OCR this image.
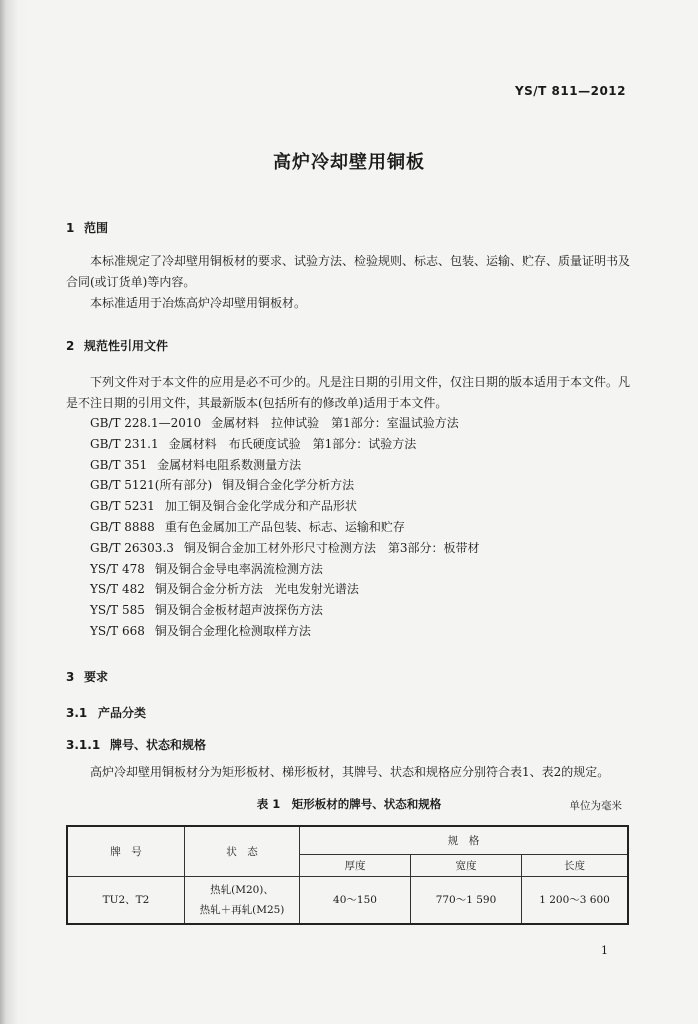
YS/T 811—2012
高炉冷却壁用铜板
1 范围

本标准规定了冷却壁用铜板材的要求、试验方法、检验规则、标志、包装、运输、贮存、质量证明书及合同(或订货单)等内容。

本标准适用于冶炼高炉冷却壁用铜板材。

2 规范性引用文件

下列文件对于本文件的应用是必不可少的。凡是注日期的引用文件，仅注日期的版本适用于本文件。凡是不注日期的引用文件，其最新版本(包括所有的修改单)适用于本文件。

GB/T 228.1—2010 金属材料　拉伸试验　第1部分：室温试验方法
GB/T 231.1 金属材料　布氏硬度试验　第1部分：试验方法
GB/T 351 金属材料电阻系数测量方法
GB/T 5121(所有部分) 铜及铜合金化学分析方法
GB/T 5231 加工铜及铜合金化学成分和产品形状
GB/T 8888 重有色金属加工产品包装、标志、运输和贮存
GB/T 26303.3 铜及铜合金加工材外形尺寸检测方法　第3部分：板带材
YS/T 478 铜及铜合金导电率涡流检测方法
YS/T 482 铜及铜合金分析方法　光电发射光谱法
YS/T 585 铜及铜合金板材超声波探伤方法
YS/T 668 铜及铜合金理化检测取样方法
3 要求
3.1 产品分类
3.1.1 牌号、状态和规格

高炉冷却壁用铜板材分为矩形板材、梯形板材，其牌号、状态和规格应分别符合表1、表2的规定。

表 1　矩形板材的牌号、状态和规格	单位为毫米
牌　号	状　态	规　格		
		厚度	宽度	长度
TU2、T2	热轧(M20)、
热轧＋再轧(M25)	40～150	770～1 590	1 200～3 600
1
